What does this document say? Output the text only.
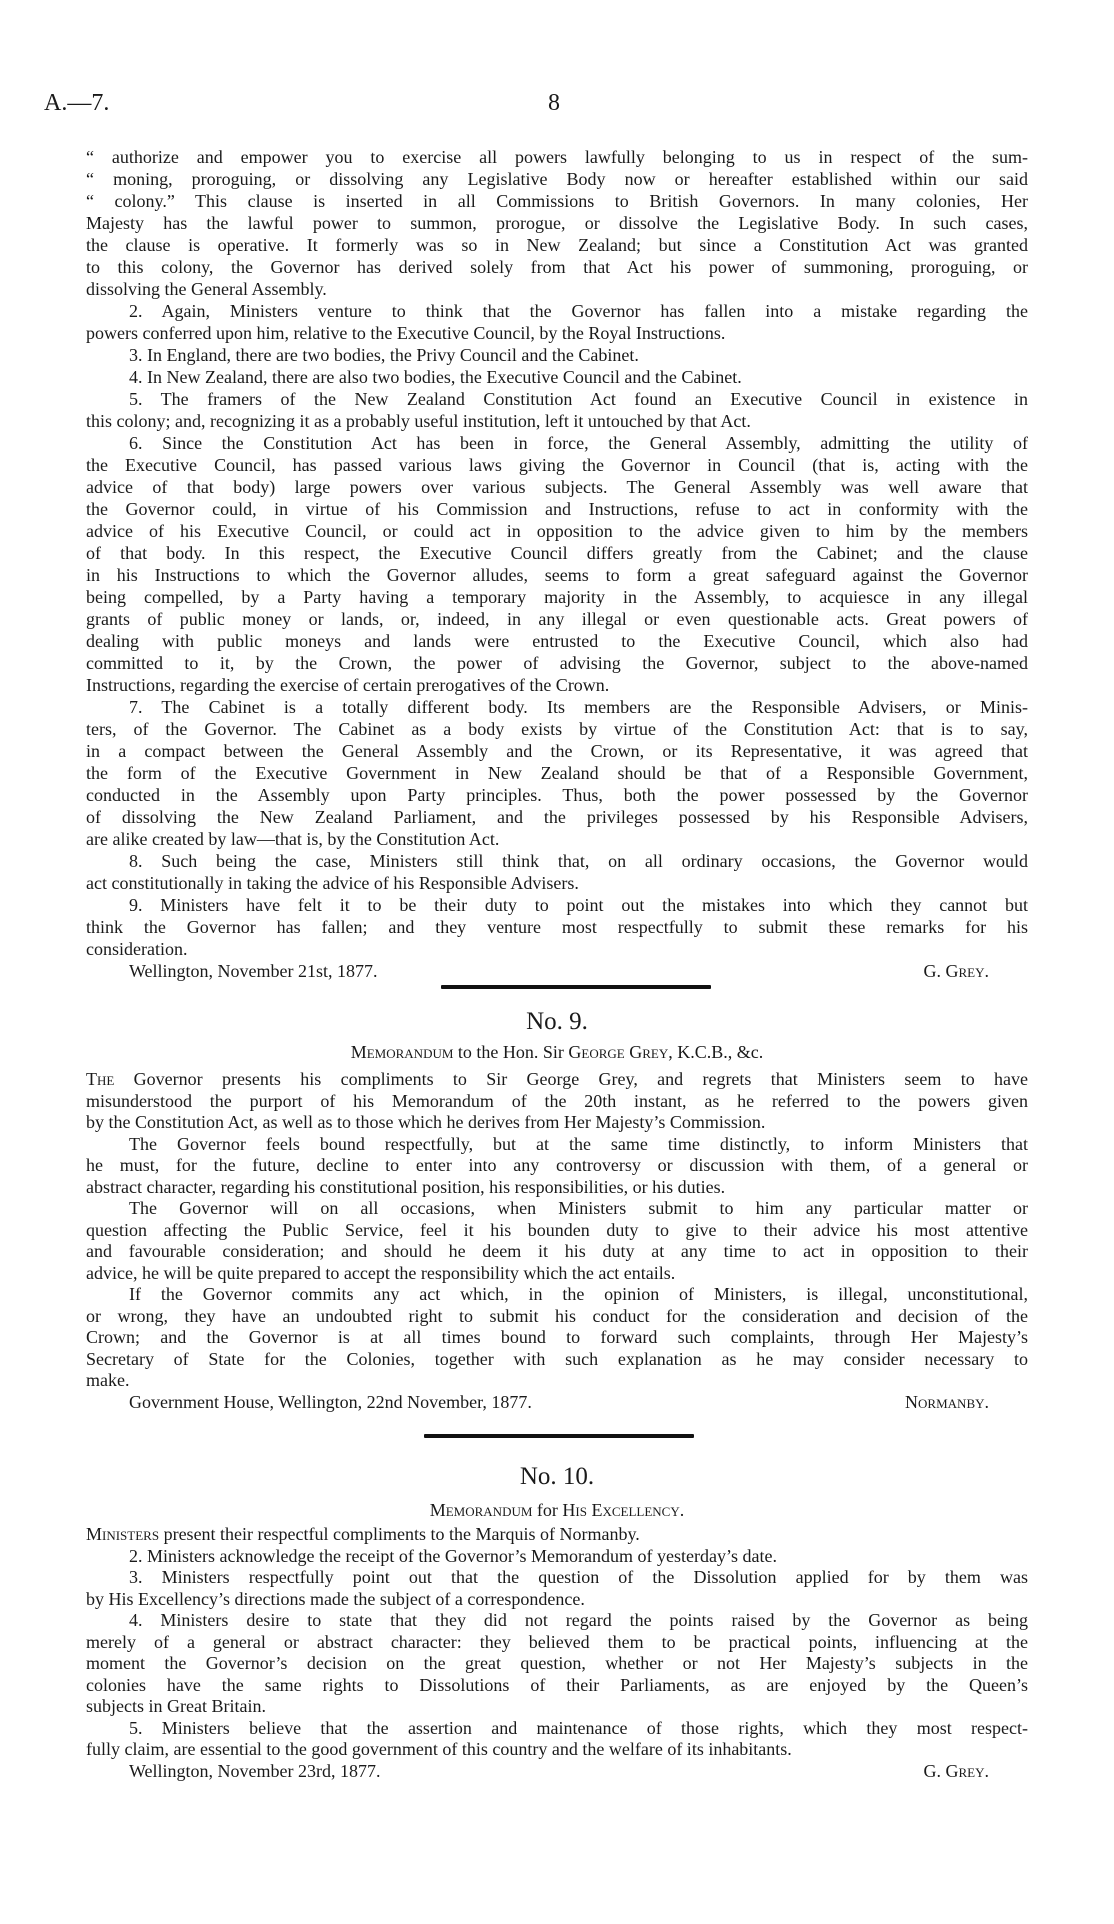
A.—7.	8
“ authorize and empower you to exercise all powers lawfully belonging to us in respect of the sum-
“ moning, proroguing, or dissolving any Legislative Body now or hereafter established within our said
“ colony.” This clause is inserted in all Commissions to British Governors. In many colonies, Her
Majesty has the lawful power to summon, prorogue, or dissolve the Legislative Body. In such cases,
the clause is operative. It formerly was so in New Zealand; but since a Constitution Act was granted
to this colony, the Governor has derived solely from that Act his power of summoning, proroguing, or
dissolving the General Assembly.
2. Again, Ministers venture to think that the Governor has fallen into a mistake regarding the
powers conferred upon him, relative to the Executive Council, by the Royal Instructions.
3. In England, there are two bodies, the Privy Council and the Cabinet.
4. In New Zealand, there are also two bodies, the Executive Council and the Cabinet.
5. The framers of the New Zealand Constitution Act found an Executive Council in existence in
this colony; and, recognizing it as a probably useful institution, left it untouched by that Act.
6. Since the Constitution Act has been in force, the General Assembly, admitting the utility of
the Executive Council, has passed various laws giving the Governor in Council (that is, acting with the
advice of that body) large powers over various subjects. The General Assembly was well aware that
the Governor could, in virtue of his Commission and Instructions, refuse to act in conformity with the
advice of his Executive Council, or could act in opposition to the advice given to him by the members
of that body. In this respect, the Executive Council differs greatly from the Cabinet; and the clause
in his Instructions to which the Governor alludes, seems to form a great safeguard against the Governor
being compelled, by a Party having a temporary majority in the Assembly, to acquiesce in any illegal
grants of public money or lands, or, indeed, in any illegal or even questionable acts. Great powers of
dealing with public moneys and lands were entrusted to the Executive Council, which also had
committed to it, by the Crown, the power of advising the Governor, subject to the above-named
Instructions, regarding the exercise of certain prerogatives of the Crown.
7. The Cabinet is a totally different body. Its members are the Responsible Advisers, or Minis-
ters, of the Governor. The Cabinet as a body exists by virtue of the Constitution Act: that is to say,
in a compact between the General Assembly and the Crown, or its Representative, it was agreed that
the form of the Executive Government in New Zealand should be that of a Responsible Government,
conducted in the Assembly upon Party principles. Thus, both the power possessed by the Governor
of dissolving the New Zealand Parliament, and the privileges possessed by his Responsible Advisers,
are alike created by law—that is, by the Constitution Act.
8. Such being the case, Ministers still think that, on all ordinary occasions, the Governor would
act constitutionally in taking the advice of his Responsible Advisers.
9. Ministers have felt it to be their duty to point out the mistakes into which they cannot but
think the Governor has fallen; and they venture most respectfully to submit these remarks for his
consideration.
Wellington, November 21st, 1877.	G. Grey.
No. 9.
Memorandum to the Hon. Sir George Grey, K.C.B., &c.
The Governor presents his compliments to Sir George Grey, and regrets that Ministers seem to have
misunderstood the purport of his Memorandum of the 20th instant, as he referred to the powers given
by the Constitution Act, as well as to those which he derives from Her Majesty’s Commission.
The Governor feels bound respectfully, but at the same time distinctly, to inform Ministers that
he must, for the future, decline to enter into any controversy or discussion with them, of a general or
abstract character, regarding his constitutional position, his responsibilities, or his duties.
The Governor will on all occasions, when Ministers submit to him any particular matter or
question affecting the Public Service, feel it his bounden duty to give to their advice his most attentive
and favourable consideration; and should he deem it his duty at any time to act in opposition to their
advice, he will be quite prepared to accept the responsibility which the act entails.
If the Governor commits any act which, in the opinion of Ministers, is illegal, unconstitutional,
or wrong, they have an undoubted right to submit his conduct for the consideration and decision of the
Crown; and the Governor is at all times bound to forward such complaints, through Her Majesty’s
Secretary of State for the Colonies, together with such explanation as he may consider necessary to
make.
Government House, Wellington, 22nd November, 1877.	Normanby.
No. 10.
Memorandum for His Excellency.
Ministers present their respectful compliments to the Marquis of Normanby.
2. Ministers acknowledge the receipt of the Governor’s Memorandum of yesterday’s date.
3. Ministers respectfully point out that the question of the Dissolution applied for by them was
by His Excellency’s directions made the subject of a correspondence.
4. Ministers desire to state that they did not regard the points raised by the Governor as being
merely of a general or abstract character: they believed them to be practical points, influencing at the
moment the Governor’s decision on the great question, whether or not Her Majesty’s subjects in the
colonies have the same rights to Dissolutions of their Parliaments, as are enjoyed by the Queen’s
subjects in Great Britain.
5. Ministers believe that the assertion and maintenance of those rights, which they most respect-
fully claim, are essential to the good government of this country and the welfare of its inhabitants.
Wellington, November 23rd, 1877.	G. Grey.
